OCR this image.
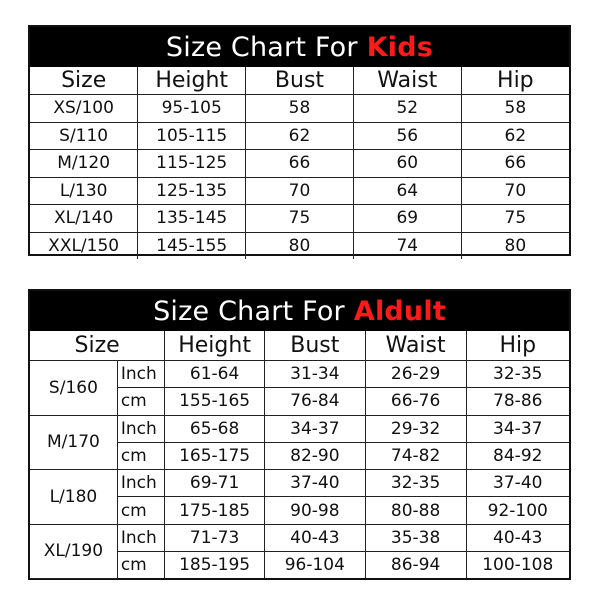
Size Chart For Kids
Size	Height	Bust	Waist	Hip
XS/100	95-105	58	52	58
S/110	105-115	62	56	62
M/120	115-125	66	60	66
L/130	125-135	70	64	70
XL/140	135-145	75	69	75
XXL/150	145-155	80	74	80
Size Chart For Aldult
Size		Height	Bust	Waist	Hip
S/160	Inch	61-64	31-34	26-29	32-35
	cm	155-165	76-84	66-76	78-86
M/170	Inch	65-68	34-37	29-32	34-37
	cm	165-175	82-90	74-82	84-92
L/180	Inch	69-71	37-40	32-35	37-40
	cm	175-185	90-98	80-88	92-100
XL/190	Inch	71-73	40-43	35-38	40-43
	cm	185-195	96-104	86-94	100-108
